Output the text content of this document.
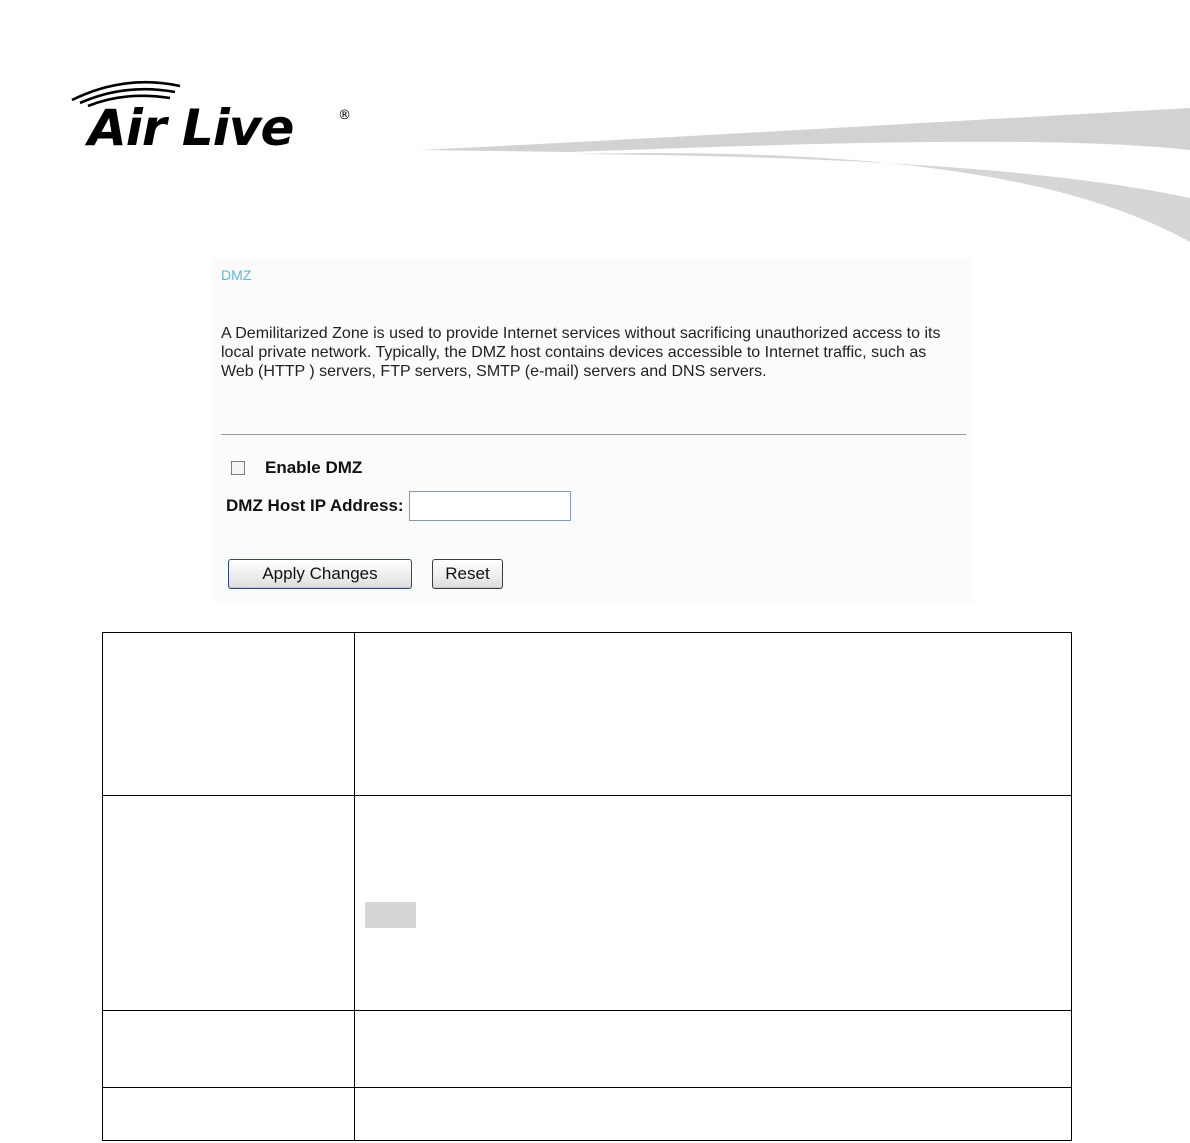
Air Live	®
DMZ
A Demilitarized Zone is used to provide Internet services without sacrificing unauthorized access to its local private network. Typically, the DMZ host contains devices accessible to Internet traffic, such as Web (HTTP ) servers, FTP servers, SMTP (e-mail) servers and DNS servers.
Enable DMZ
DMZ Host IP Address:
Apply Changes	Reset
